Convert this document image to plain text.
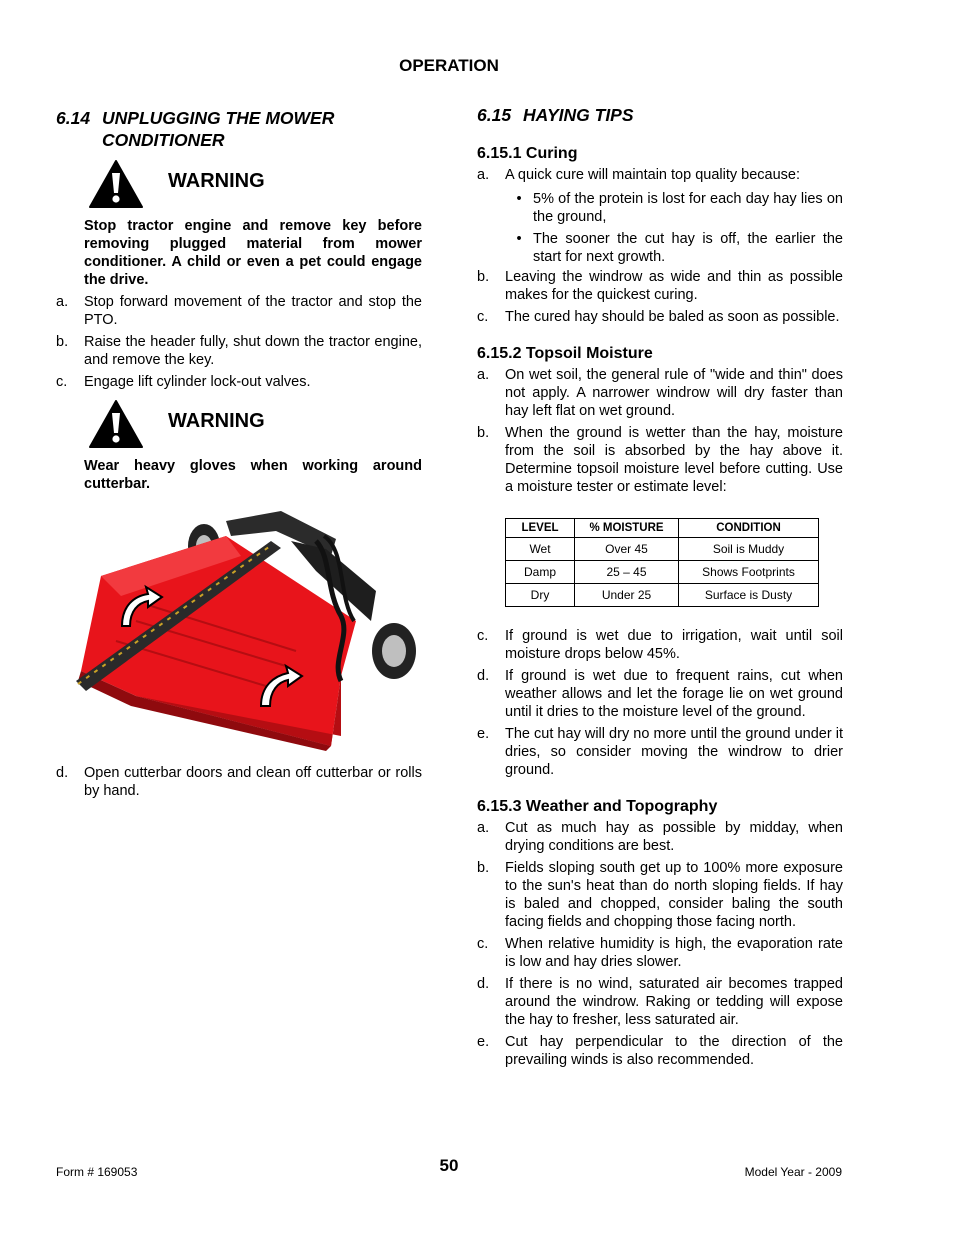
OPERATION
6.14 UNPLUGGING THE MOWER
CONDITIONER
WARNING
Stop tractor engine and remove key before removing plugged material from mower conditioner. A child or even a pet could engage the drive.
a.	Stop forward movement of the tractor and stop the PTO.
b.	Raise the header fully, shut down the tractor engine, and remove the key.
c.	Engage lift cylinder lock-out valves.
WARNING
Wear heavy gloves when working around cutterbar.
d.	Open cutterbar doors and clean off cutterbar or rolls by hand.
6.15 HAYING TIPS
6.15.1 Curing
a.	A quick cure will maintain top quality because:
• 5% of the protein is lost for each day hay lies on the ground,
• The sooner the cut hay is off, the earlier the start for next growth.
b.	Leaving the windrow as wide and thin as possible makes for the quickest curing.
c.	The cured hay should be baled as soon as possible.
6.15.2 Topsoil Moisture
a.	On wet soil, the general rule of "wide and thin" does not apply. A narrower windrow will dry faster than hay left flat on wet ground.
b.	When the ground is wetter than the hay, moisture from the soil is absorbed by the hay above it. Determine topsoil moisture level before cutting. Use a moisture tester or estimate level:
LEVEL	% MOISTURE	CONDITION
Wet	Over 45	Soil is Muddy
Damp	25 – 45	Shows Footprints
Dry	Under 25	Surface is Dusty
c.	If ground is wet due to irrigation, wait until soil moisture drops below 45%.
d.	If ground is wet due to frequent rains, cut when weather allows and let the forage lie on wet ground until it dries to the moisture level of the ground.
e.	The cut hay will dry no more until the ground under it dries, so consider moving the windrow to drier ground.
6.15.3 Weather and Topography
a.	Cut as much hay as possible by midday, when drying conditions are best.
b.	Fields sloping south get up to 100% more exposure to the sun's heat than do north sloping fields. If hay is baled and chopped, consider baling the south facing fields and chopping those facing north.
c.	When relative humidity is high, the evaporation rate is low and hay dries slower.
d.	If there is no wind, saturated air becomes trapped around the windrow. Raking or tedding will expose the hay to fresher, less saturated air.
e.	Cut hay perpendicular to the direction of the prevailing winds is also recommended.
Form # 169053	50	Model Year - 2009
